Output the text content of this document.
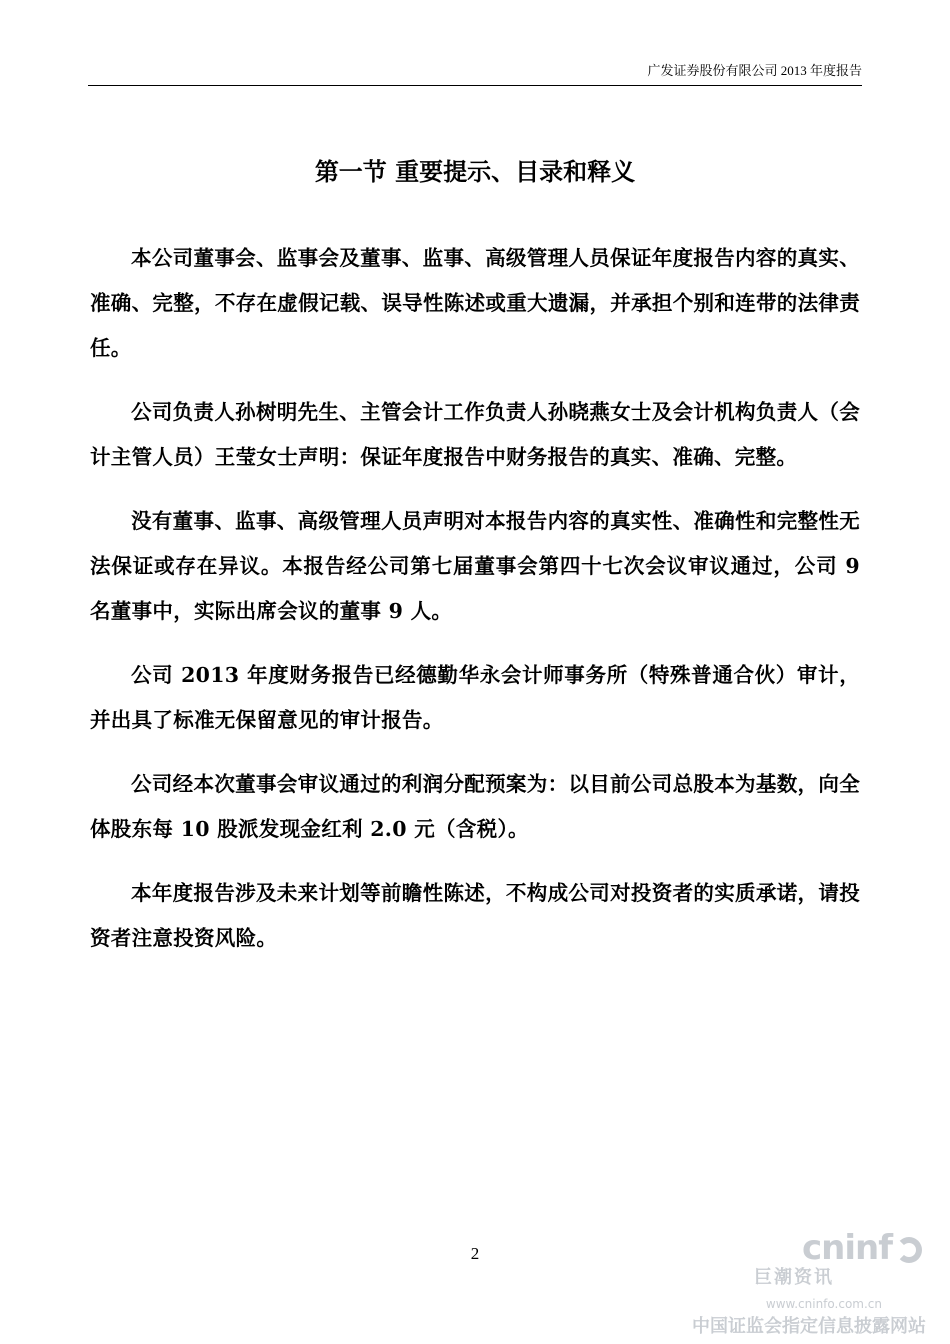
广发证券股份有限公司 2013 年度报告
第一节 重要提示、目录和释义

本公司董事会、监事会及董事、监事、高级管理人员保证年度报告内容的真实、准确、完整，不存在虚假记载、误导性陈述或重大遗漏，并承担个别和连带的法律责任。

公司负责人孙树明先生、主管会计工作负责人孙晓燕女士及会计机构负责人（会计主管人员）王莹女士声明：保证年度报告中财务报告的真实、准确、完整。

没有董事、监事、高级管理人员声明对本报告内容的真实性、准确性和完整性无法保证或存在异议。本报告经公司第七届董事会第四十七次会议审议通过，公司 9 名董事中，实际出席会议的董事 9 人。

公司 2013 年度财务报告已经德勤华永会计师事务所（特殊普通合伙）审计，并出具了标准无保留意见的审计报告。

公司经本次董事会审议通过的利润分配预案为：以目前公司总股本为基数，向全体股东每 10 股派发现金红利 2.0 元（含税）。

本年度报告涉及未来计划等前瞻性陈述，不构成公司对投资者的实质承诺，请投资者注意投资风险。

2	cninf
巨潮资讯
www.cninfo.com.cn
中国证监会指定信息披露网站
